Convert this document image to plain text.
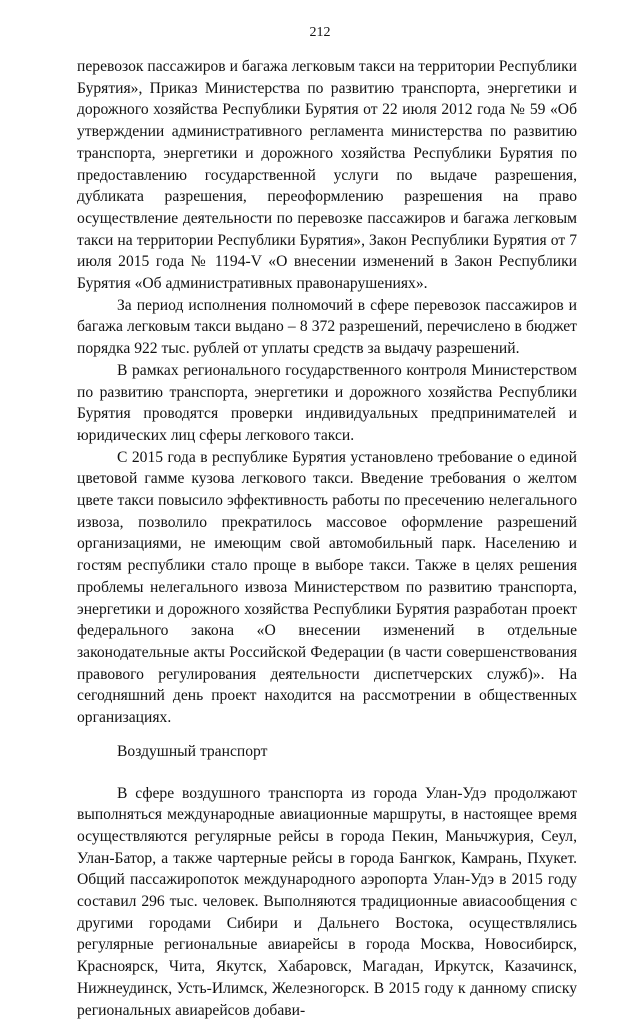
212

перевозок пассажиров и багажа легковым такси на территории Республики Бурятия», Приказ Министерства по развитию транспорта, энергетики и дорожного хозяйства Республики Бурятия от 22 июля 2012 года № 59 «Об утверждении административного регламента министерства по развитию транспорта, энергетики и дорожного хозяйства Республики Бурятия по предоставлению государственной услуги по выдаче разрешения, дубликата разрешения, переоформлению разрешения на право осуществление деятельности по перевозке пассажиров и багажа легковым такси на территории Республики Бурятия», Закон Республики Бурятия от 7 июля 2015 года № 1194-V «О внесении изменений в Закон Республики Бурятия «Об административных правонарушениях».

За период исполнения полномочий в сфере перевозок пассажиров и багажа легковым такси выдано – 8 372 разрешений, перечислено в бюджет порядка 922 тыс. рублей от уплаты средств за выдачу разрешений.

В рамках регионального государственного контроля Министерством по развитию транспорта, энергетики и дорожного хозяйства Республики Бурятия проводятся проверки индивидуальных предпринимателей и юридических лиц сферы легкового такси.

С 2015 года в республике Бурятия установлено требование о единой цветовой гамме кузова легкового такси. Введение требования о желтом цвете такси повысило эффективность работы по пресечению нелегального извоза, позволило прекратилось массовое оформление разрешений организациями, не имеющим свой автомобильный парк. Населению и гостям республики стало проще в выборе такси. Также в целях решения проблемы нелегального извоза Министерством по развитию транспорта, энергетики и дорожного хозяйства Республики Бурятия разработан проект федерального закона «О внесении изменений в отдельные законодательные акты Российской Федерации (в части совершенствования правового регулирования деятельности диспетчерских служб)». На сегодняшний день проект находится на рассмотрении в общественных организациях.

Воздушный транспорт

В сфере воздушного транспорта из города Улан-Удэ продолжают выполняться международные авиационные маршруты, в настоящее время осуществляются регулярные рейсы в города Пекин, Маньчжурия, Сеул, Улан-Батор, а также чартерные рейсы в города Бангкок, Камрань, Пхукет. Общий пассажиропоток международного аэропорта Улан-Удэ в 2015 году составил 296 тыс. человек. Выполняются традиционные авиасообщения с другими городами Сибири и Дальнего Востока, осуществлялись регулярные региональные авиарейсы в города Москва, Новосибирск, Красноярск, Чита, Якутск, Хабаровск, Магадан, Иркутск, Казачинск, Нижнеудинск, Усть-Илимск, Железногорск. В 2015 году к данному списку региональных авиарейсов добави-
